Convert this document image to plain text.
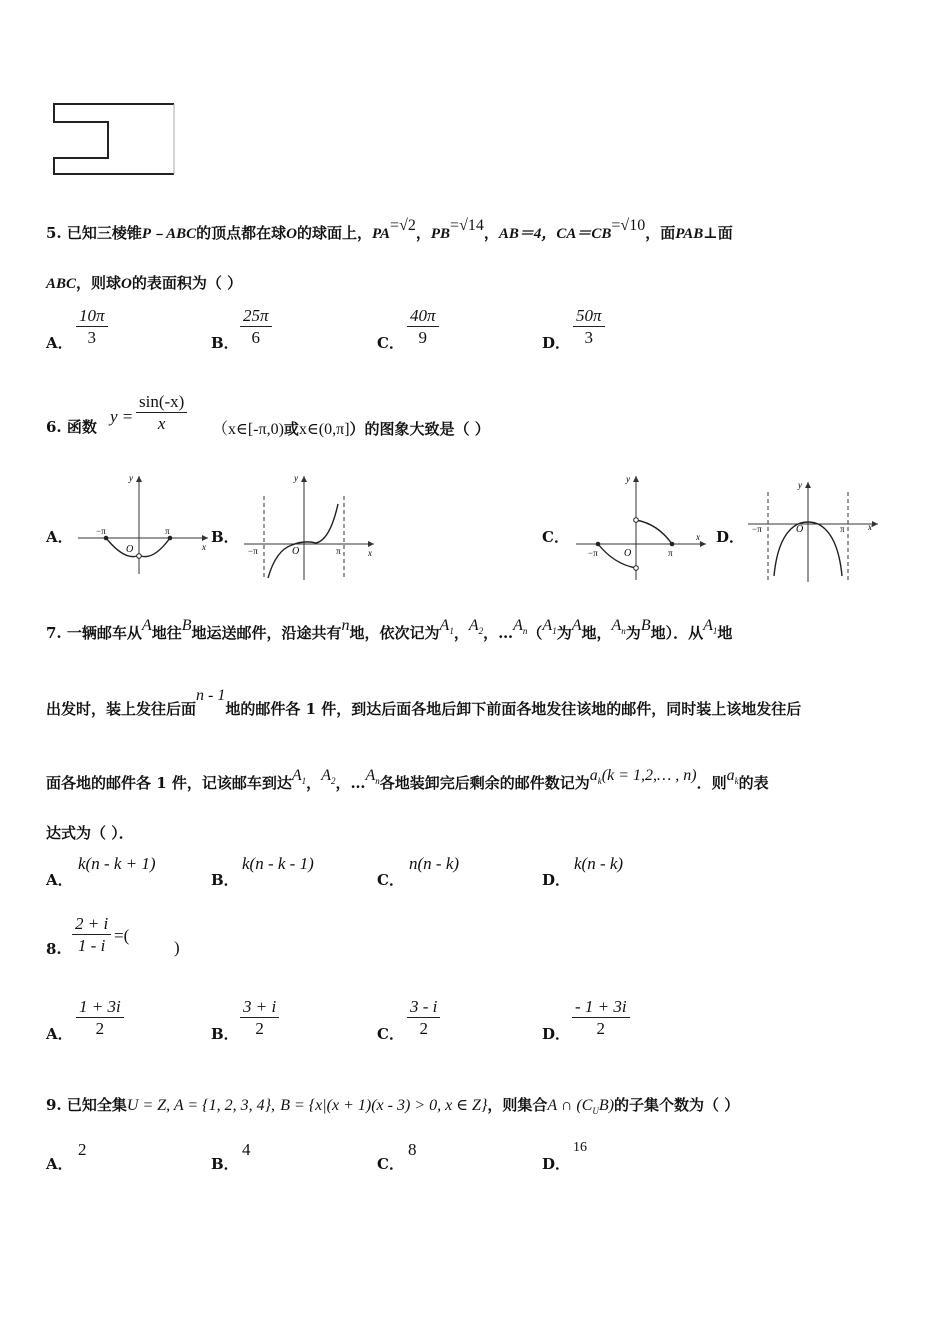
5. 已知三棱锥P﹣ABC的顶点都在球O的球面上，PA=√2，PB=√14，AB＝4，CA＝CB=√10，面PAB⊥面
ABC，则球O的表面积为（ ）
A． $\frac{10\pi}{3}$	B． $\frac{25\pi}{6}$	C． $\frac{40\pi}{9}$	D． $\frac{50\pi}{3}$
6. 函数
$y = \frac{\sin(-x)}{x}$ （x∈[-π,0)或x∈(0,π]）的图象大致是（ ）
A．
x
y
O
−π	π	B．
x
y
O
−π	π
C．	x
y
O
−π	π
D．
x
y
O
−π	π
7. 一辆邮车从A地往B地运送邮件，沿途共有n地，依次记为$A_1$，$A_2$，$\dots A_n(A_1$为A地，$A_n$为B地）．从$A_1$地
出发时，装上发往后面n - 1地的邮件各 1 件，到达后面各地后卸下前面各地发往该地的邮件，同时装上该地发往后
面各地的邮件各 1 件，记该邮车到达$A_1$，$A_2$，$\dots A_n$各地装卸完后剩余的邮件数记为$a_k(k$ = 1,2,… , n)．则$a_k$的表
达式为（ ）．
A．
k(n - k + 1)
B．
k(n - k - 1)
C．
n(n - k)
D．
k(n - k)
8. $\frac{2 + i}{1 - i}$ =(
)
A． $\frac{1 + 3i}{2}$	B． $\frac{3 + i}{2}$	C． $\frac{3 - i}{2}$	D． $\frac{- 1 + 3i}{2}$
9. 已知全集U = Z, A = {1, 2, 3, 4}, B = {x|(x + 1)(x - 3) > 0, x ∈ Z}，则集合A ∩ $(C_UB)$的子集个数为（ ）
A．
2
B．
4
C．
8
D．
16
